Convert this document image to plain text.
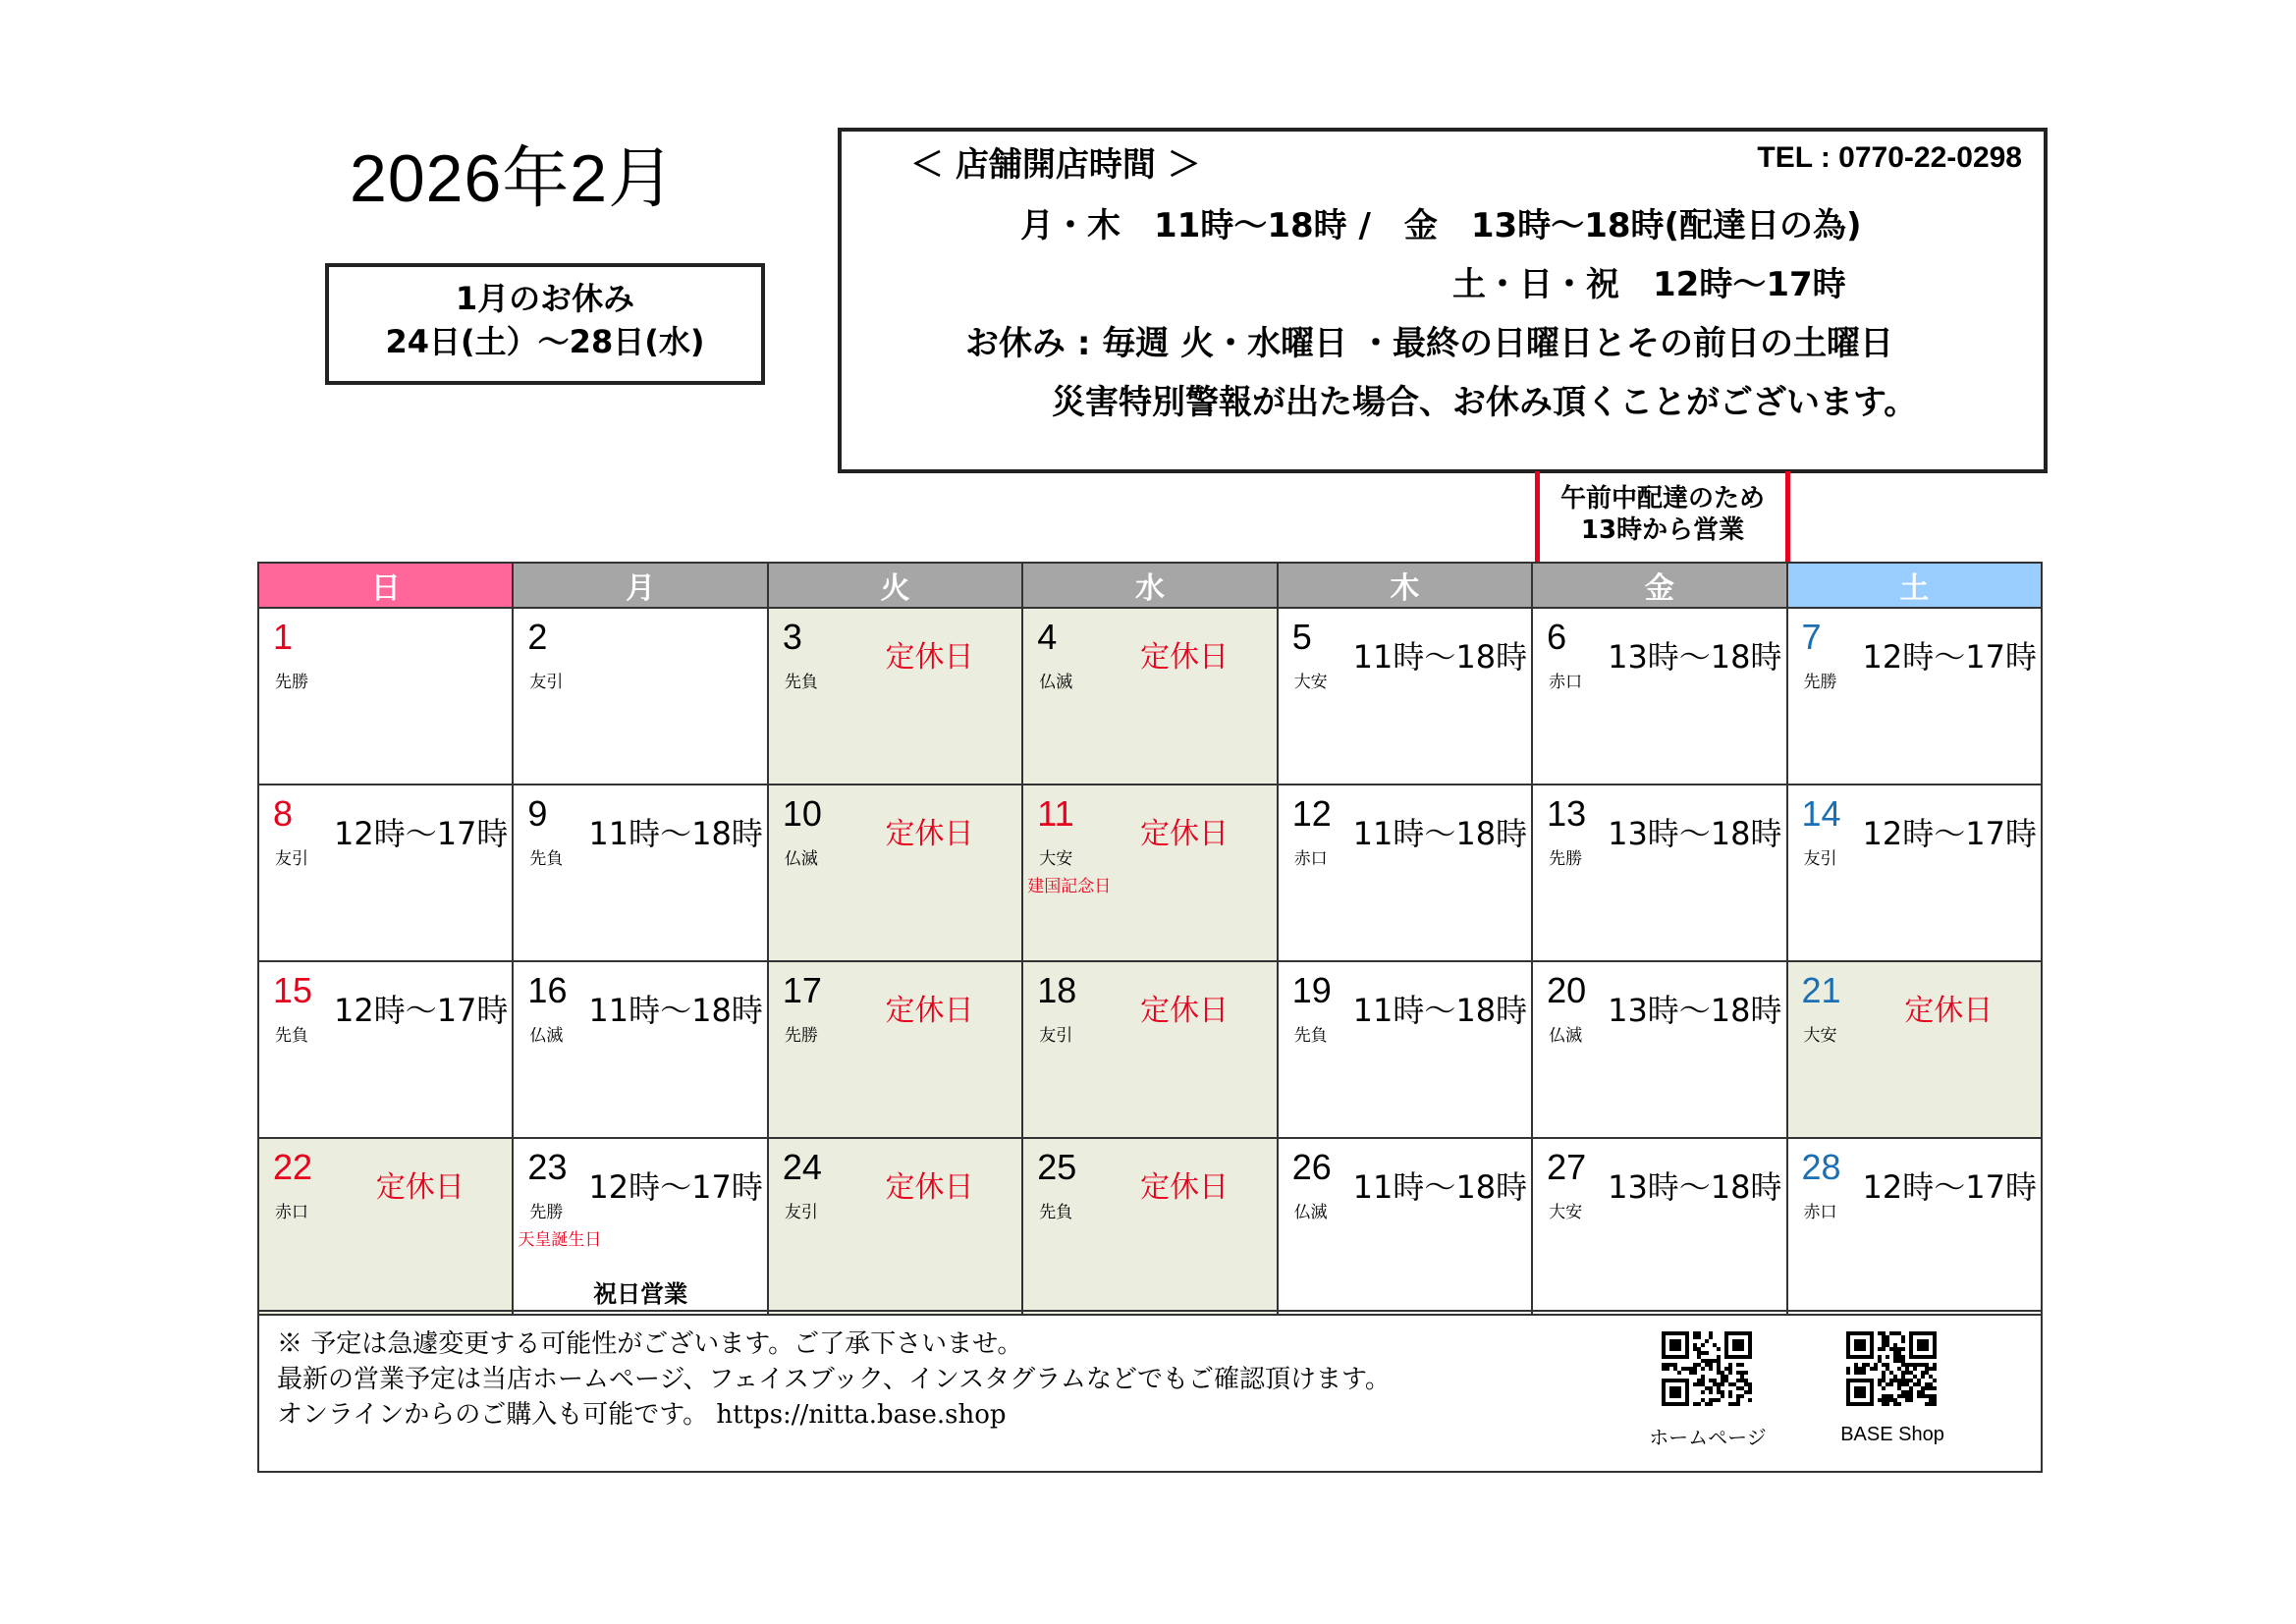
2026年2月
1月のお休み
24日(土）～28日(水)
＜ 店舗開店時間 ＞	TEL : 0770-22-0298
月・木　11時～18時 /　金　13時～18時(配達日の為)
土・日・祝　12時～17時
お休み : 毎週 火・水曜日 ・最終の日曜日とその前日の土曜日
災害特別警報が出た場合、お休み頂くことがございます。
午前中配達のため
13時から営業
日	月	火	水	木	金	土

1
先勝	2
友引	3
先負
定休日	4
仏滅
定休日	5
大安
11時～18時	6
赤口
13時～18時	7
先勝
12時～17時

8
友引
12時～17時	9
先負
11時～18時	10
仏滅
定休日	11
大安
建国記念日
定休日	12
赤口
11時～18時	13
先勝
13時～18時	14
友引
12時～17時

15
先負
12時～17時	16
仏滅
11時～18時	17
先勝
定休日	18
友引
定休日	19
先負
11時～18時	20
仏滅
13時～18時	21
大安
定休日

22
赤口
定休日	23
先勝
天皇誕生日
12時～17時
祝日営業	24
友引
定休日	25
先負
定休日	26
仏滅
11時～18時	27
大安
13時～18時	28
赤口
12時～17時
※ 予定は急遽変更する可能性がございます。ご了承下さいませ。
最新の営業予定は当店ホームページ、フェイスブック、インスタグラムなどでもご確認頂けます。
オンラインからのご購入も可能です。 https://nitta.base.shop
ホームページ	BASE Shop
